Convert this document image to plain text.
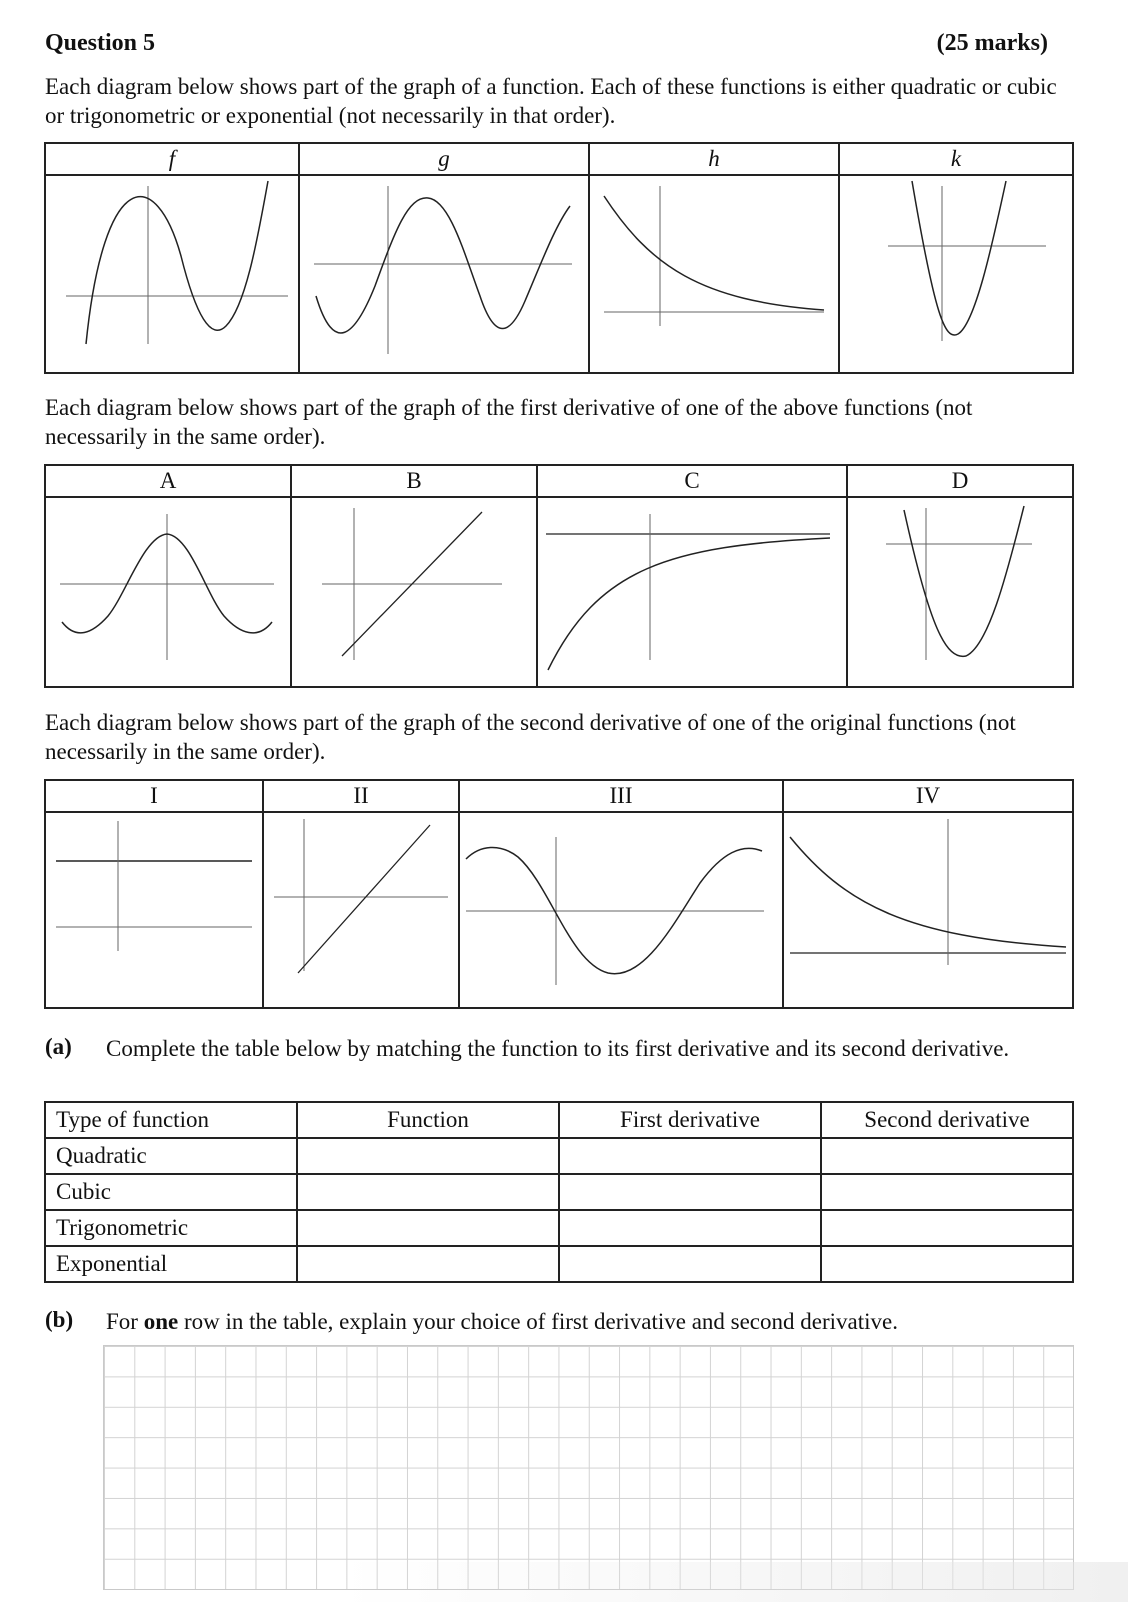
Question 5	(25 marks)
Each diagram below shows part of the graph of a function. Each of these functions is either quadratic or cubic or trigonometric or exponential (not necessarily in that order).
f	g	h	k

Each diagram below shows part of the graph of the first derivative of one of the above functions (not necessarily in the same order).
A	B	C	D

Each diagram below shows part of the graph of the second derivative of one of the original functions (not necessarily in the same order).
I	II	III	IV

(a) Complete the table below by matching the function to its first derivative and its second derivative.
Type of function	Function	First derivative	Second derivative
Quadratic			
Cubic			
Trigonometric			
Exponential			
(b) For one row in the table, explain your choice of first derivative and second derivative.
